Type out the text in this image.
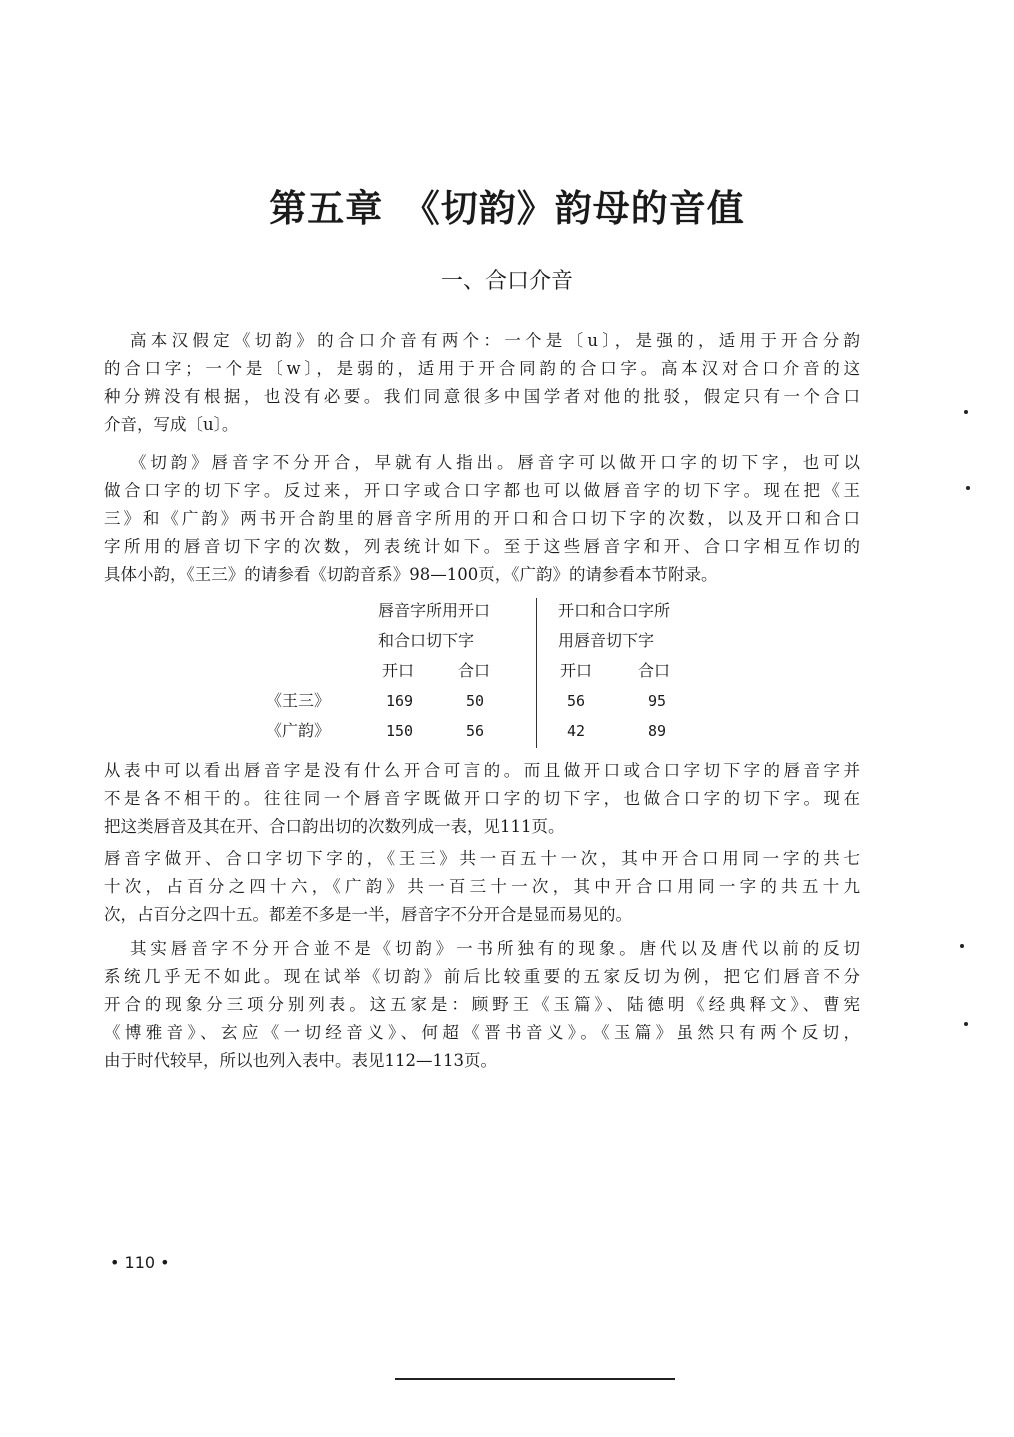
第五章　《切韵》韵母的音值
一、合口介音

高本汉假定《切韵》的合口介音有两个：一个是〔u〕，是强的，适用于开合分韵

的合口字；一个是〔w〕，是弱的，适用于开合同韵的合口字。高本汉对合口介音的这

种分辨没有根据，也没有必要。我们同意很多中国学者对他的批驳，假定只有一个合口

介音，写成〔u〕。

《切韵》唇音字不分开合，早就有人指出。唇音字可以做开口字的切下字，也可以

做合口字的切下字。反过来，开口字或合口字都也可以做唇音字的切下字。现在把《王

三》和《广韵》两书开合韵里的唇音字所用的开口和合口切下字的次数，以及开口和合口

字所用的唇音切下字的次数，列表统计如下。至于这些唇音字和开、合口字相互作切的

具体小韵，《王三》的请参看《切韵音系》98—100页，《广韵》的请参看本节附录。

唇音字所用开口

和合口切下字

开口和合口字所

用唇音切下字

开口	合口	开口	合口

《王三》	169	50	56	95

《广韵》	150	56	42	89

从表中可以看出唇音字是没有什么开合可言的。而且做开口或合口字切下字的唇音字并

不是各不相干的。往往同一个唇音字既做开口字的切下字，也做合口字的切下字。现在

把这类唇音及其在开、合口韵出切的次数列成一表，见111页。

唇音字做开、合口字切下字的，《王三》共一百五十一次，其中开合口用同一字的共七

十次，占百分之四十六，《广韵》共一百三十一次，其中开合口用同一字的共五十九

次，占百分之四十五。都差不多是一半，唇音字不分开合是显而易见的。

其实唇音字不分开合並不是《切韵》一书所独有的现象。唐代以及唐代以前的反切

系统几乎无不如此。现在试举《切韵》前后比较重要的五家反切为例，把它们唇音不分

开合的现象分三项分别列表。这五家是：顾野王《玉篇》、陆德明《经典释文》、曹宪

《博雅音》、玄应《一切经音义》、何超《晋书音义》。《玉篇》虽然只有两个反切，

由于时代较早，所以也列入表中。表见112—113页。

• 110 •
